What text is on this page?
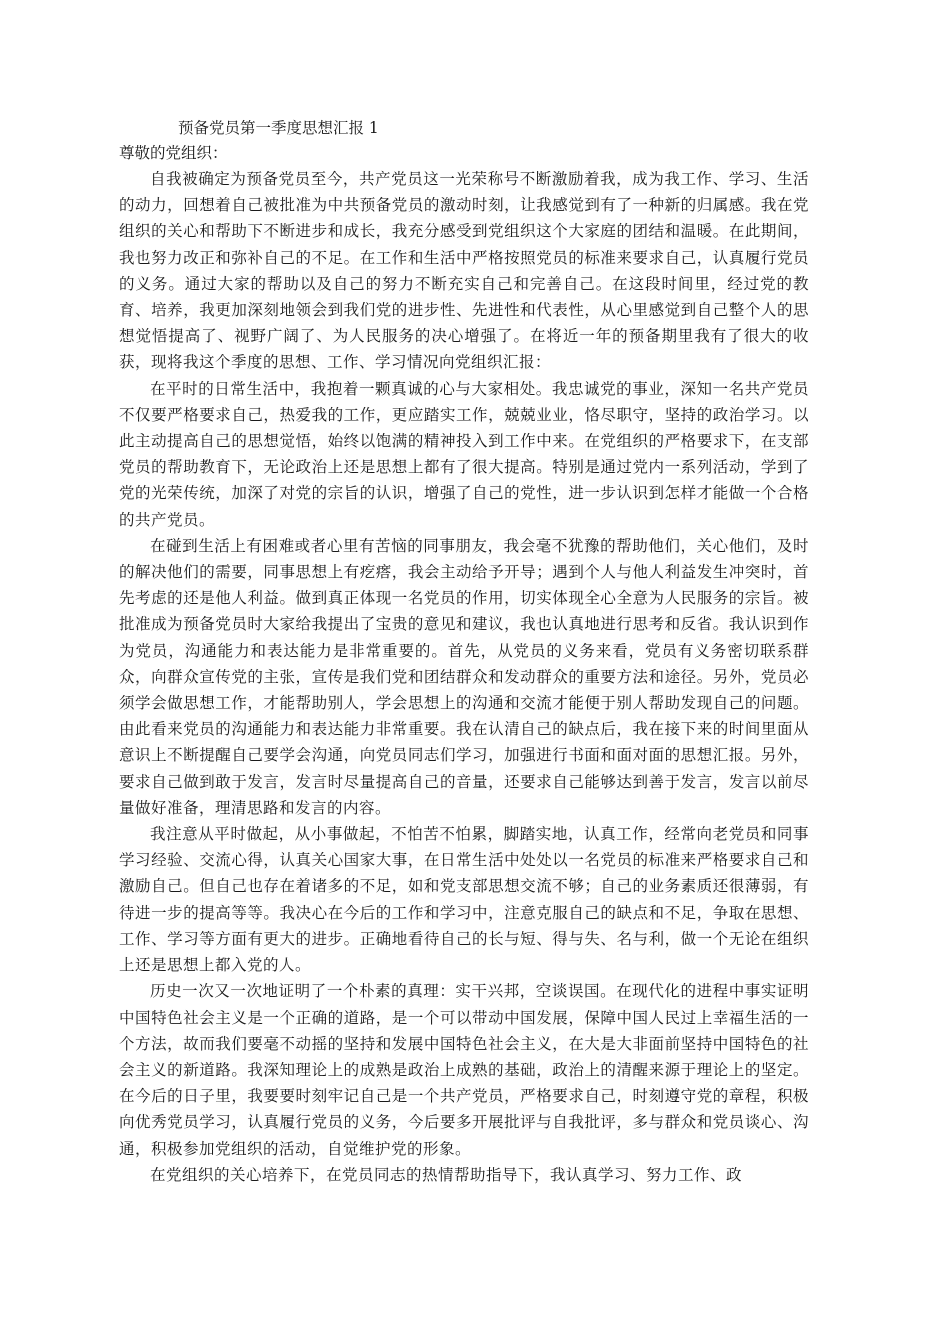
预备党员第一季度思想汇报 1

尊敬的党组织：

自我被确定为预备党员至今，共产党员这一光荣称号不断激励着我，成为我工作、学习、生活的动力，回想着自己被批准为中共预备党员的激动时刻，让我感觉到有了一种新的归属感。我在党组织的关心和帮助下不断进步和成长，我充分感受到党组织这个大家庭的团结和温暖。在此期间，我也努力改正和弥补自己的不足。在工作和生活中严格按照党员的标准来要求自己，认真履行党员的义务。通过大家的帮助以及自己的努力不断充实自己和完善自己。在这段时间里，经过党的教育、培养，我更加深刻地领会到我们党的进步性、先进性和代表性，从心里感觉到自己整个人的思想觉悟提高了、视野广阔了、为人民服务的决心增强了。在将近一年的预备期里我有了很大的收获，现将我这个季度的思想、工作、学习情况向党组织汇报：

在平时的日常生活中，我抱着一颗真诚的心与大家相处。我忠诚党的事业，深知一名共产党员不仅要严格要求自己，热爱我的工作，更应踏实工作，兢兢业业，恪尽职守，坚持的政治学习。以此主动提高自己的思想觉悟，始终以饱满的精神投入到工作中来。在党组织的严格要求下，在支部党员的帮助教育下，无论政治上还是思想上都有了很大提高。特别是通过党内一系列活动，学到了党的光荣传统，加深了对党的宗旨的认识，增强了自己的党性，进一步认识到怎样才能做一个合格的共产党员。

在碰到生活上有困难或者心里有苦恼的同事朋友，我会毫不犹豫的帮助他们，关心他们，及时的解决他们的需要，同事思想上有疙瘩，我会主动给予开导；遇到个人与他人利益发生冲突时，首先考虑的还是他人利益。做到真正体现一名党员的作用，切实体现全心全意为人民服务的宗旨。被批准成为预备党员时大家给我提出了宝贵的意见和建议，我也认真地进行思考和反省。我认识到作为党员，沟通能力和表达能力是非常重要的。首先，从党员的义务来看，党员有义务密切联系群众，向群众宣传党的主张，宣传是我们党和团结群众和发动群众的重要方法和途径。另外，党员必须学会做思想工作，才能帮助别人，学会思想上的沟通和交流才能便于别人帮助发现自己的问题。由此看来党员的沟通能力和表达能力非常重要。我在认清自己的缺点后，我在接下来的时间里面从意识上不断提醒自己要学会沟通，向党员同志们学习，加强进行书面和面对面的思想汇报。另外，要求自己做到敢于发言，发言时尽量提高自己的音量，还要求自己能够达到善于发言，发言以前尽量做好准备，理清思路和发言的内容。

我注意从平时做起，从小事做起，不怕苦不怕累，脚踏实地，认真工作，经常向老党员和同事学习经验、交流心得，认真关心国家大事，在日常生活中处处以一名党员的标准来严格要求自己和激励自己。但自己也存在着诸多的不足，如和党支部思想交流不够；自己的业务素质还很薄弱，有待进一步的提高等等。我决心在今后的工作和学习中，注意克服自己的缺点和不足，争取在思想、工作、学习等方面有更大的进步。正确地看待自己的长与短、得与失、名与利，做一个无论在组织上还是思想上都入党的人。

历史一次又一次地证明了一个朴素的真理：实干兴邦，空谈误国。在现代化的进程中事实证明中国特色社会主义是一个正确的道路，是一个可以带动中国发展，保障中国人民过上幸福生活的一个方法，故而我们要毫不动摇的坚持和发展中国特色社会主义，在大是大非面前坚持中国特色的社会主义的新道路。我深知理论上的成熟是政治上成熟的基础，政治上的清醒来源于理论上的坚定。在今后的日子里，我要要时刻牢记自己是一个共产党员，严格要求自己，时刻遵守党的章程，积极向优秀党员学习，认真履行党员的义务，今后要多开展批评与自我批评，多与群众和党员谈心、沟通，积极参加党组织的活动，自觉维护党的形象。

在党组织的关心培养下，在党员同志的热情帮助指导下，我认真学习、努力工作、政
